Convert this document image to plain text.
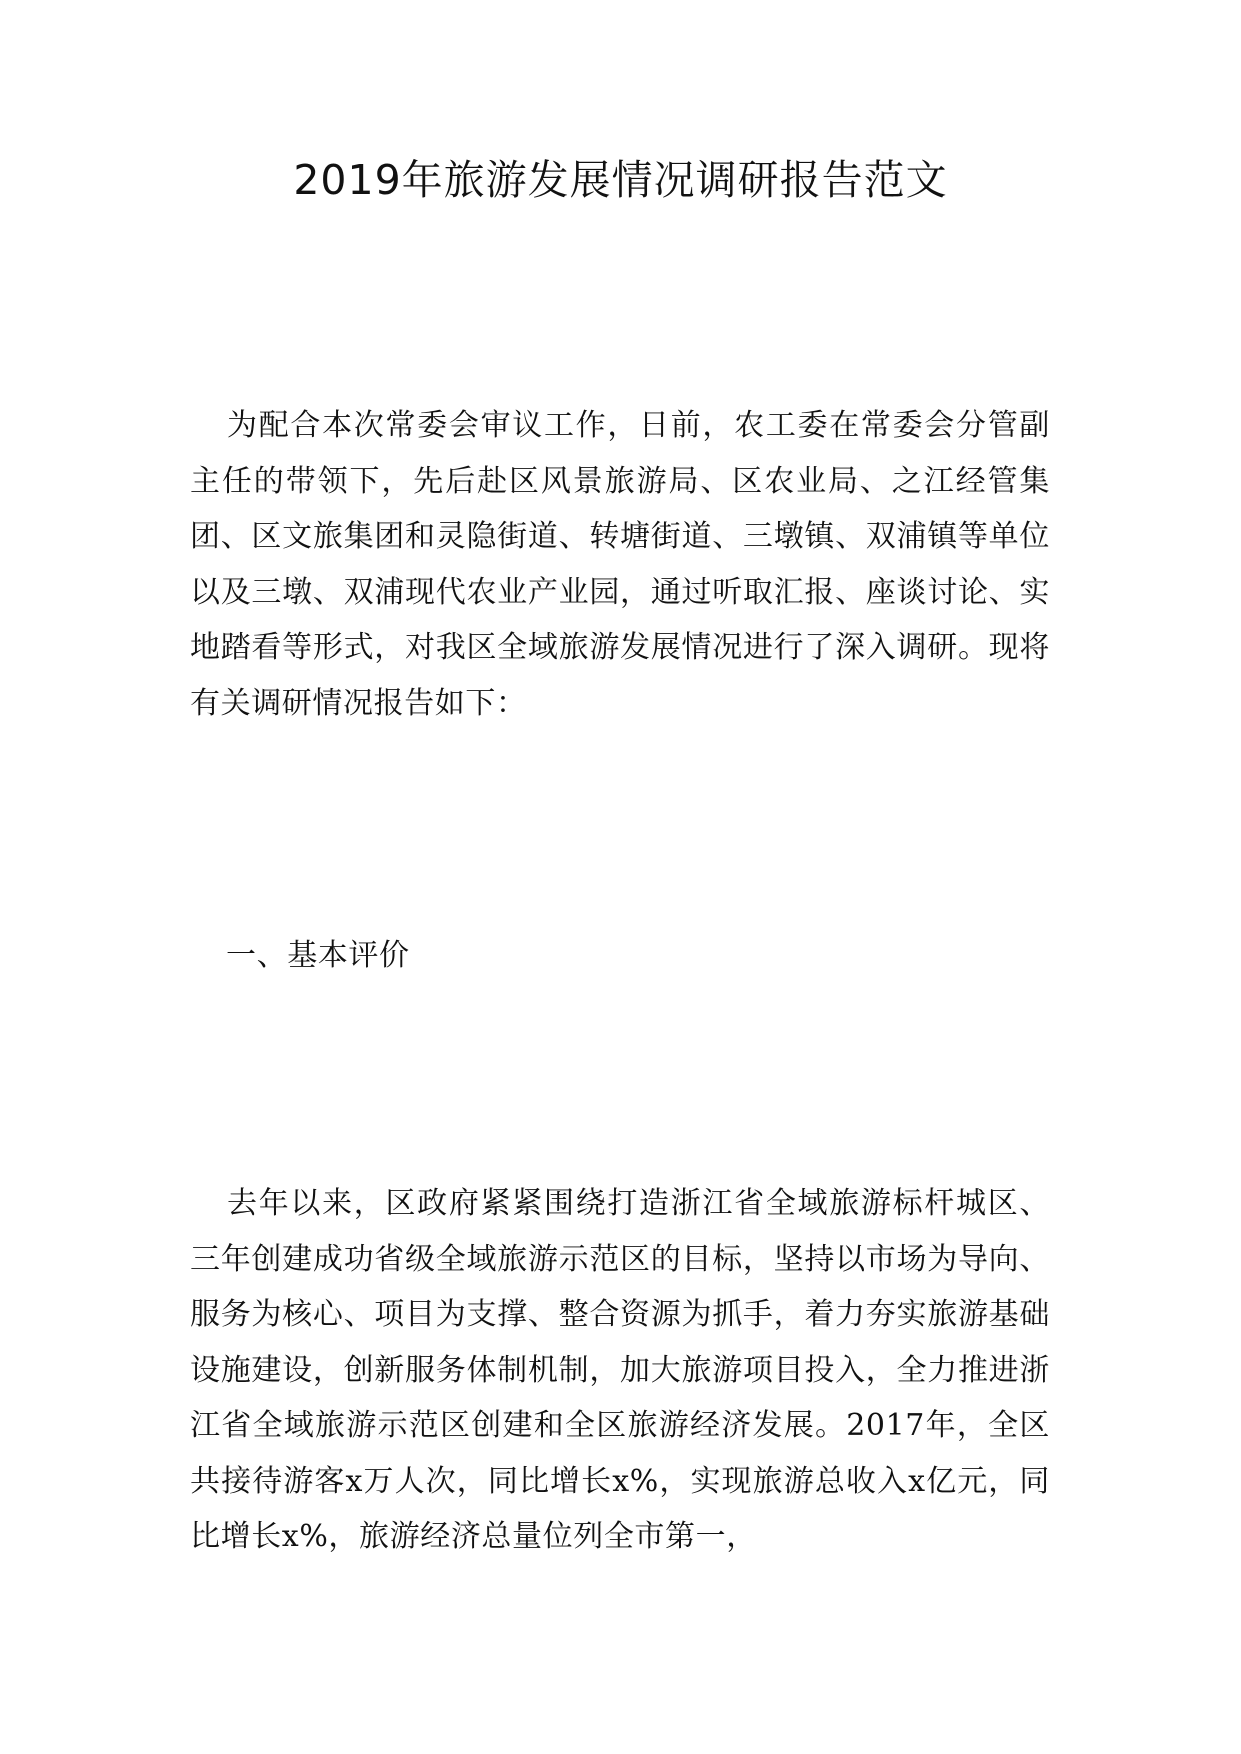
2019年旅游发展情况调研报告范文

为配合本次常委会审议工作，日前，农工委在常委会分管副主任的带领下，先后赴区风景旅游局、区农业局、之江经管集团、区文旅集团和灵隐街道、转塘街道、三墩镇、双浦镇等单位以及三墩、双浦现代农业产业园，通过听取汇报、座谈讨论、实地踏看等形式，对我区全域旅游发展情况进行了深入调研。现将有关调研情况报告如下：

一、基本评价

去年以来，区政府紧紧围绕打造浙江省全域旅游标杆城区、三年创建成功省级全域旅游示范区的目标，坚持以市场为导向、服务为核心、项目为支撑、整合资源为抓手，着力夯实旅游基础设施建设，创新服务体制机制，加大旅游项目投入，全力推进浙江省全域旅游示范区创建和全区旅游经济发展。2017年，全区共接待游客x万人次，同比增长x%，实现旅游总收入x亿元，同比增长x%，旅游经济总量位列全市第一，
